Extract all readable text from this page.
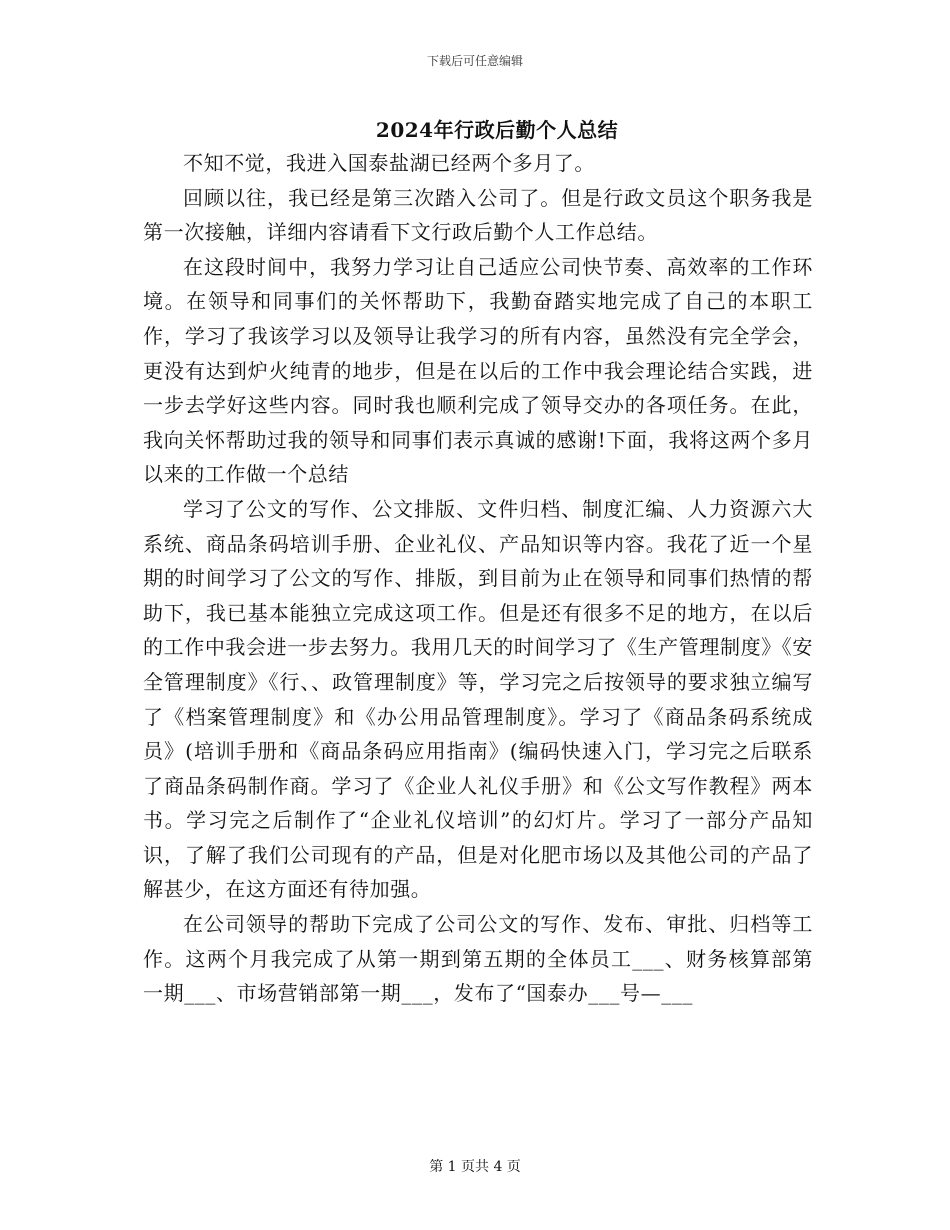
下载后可任意编辑
2024年行政后勤个人总结

不知不觉，我进入国泰盐湖已经两个多月了。

回顾以往，我已经是第三次踏入公司了。但是行政文员这个职务我是第一次接触，详细内容请看下文行政后勤个人工作总结。

在这段时间中，我努力学习让自己适应公司快节奏、高效率的工作环境。在领导和同事们的关怀帮助下，我勤奋踏实地完成了自己的本职工作，学习了我该学习以及领导让我学习的所有内容，虽然没有完全学会，更没有达到炉火纯青的地步，但是在以后的工作中我会理论结合实践，进一步去学好这些内容。同时我也顺利完成了领导交办的各项任务。在此，我向关怀帮助过我的领导和同事们表示真诚的感谢!下面，我将这两个多月以来的工作做一个总结

学习了公文的写作、公文排版、文件归档、制度汇编、人力资源六大系统、商品条码培训手册、企业礼仪、产品知识等内容。我花了近一个星期的时间学习了公文的写作、排版，到目前为止在领导和同事们热情的帮助下，我已基本能独立完成这项工作。但是还有很多不足的地方，在以后的工作中我会进一步去努力。我用几天的时间学习了《生产管理制度》《安全管理制度》《行、、政管理制度》等，学习完之后按领导的要求独立编写了《档案管理制度》和《办公用品管理制度》。学习了《商品条码系统成员》(培训手册和《商品条码应用指南》(编码快速入门，学习完之后联系了商品条码制作商。学习了《企业人礼仪手册》和《公文写作教程》两本书。学习完之后制作了“企业礼仪培训”的幻灯片。学习了一部分产品知识，了解了我们公司现有的产品，但是对化肥市场以及其他公司的产品了解甚少，在这方面还有待加强。

在公司领导的帮助下完成了公司公文的写作、发布、审批、归档等工作。这两个月我完成了从第一期到第五期的全体员工___、财务核算部第一期___、市场营销部第一期___，发布了“国泰办___号—___

第 1 页共 4 页
